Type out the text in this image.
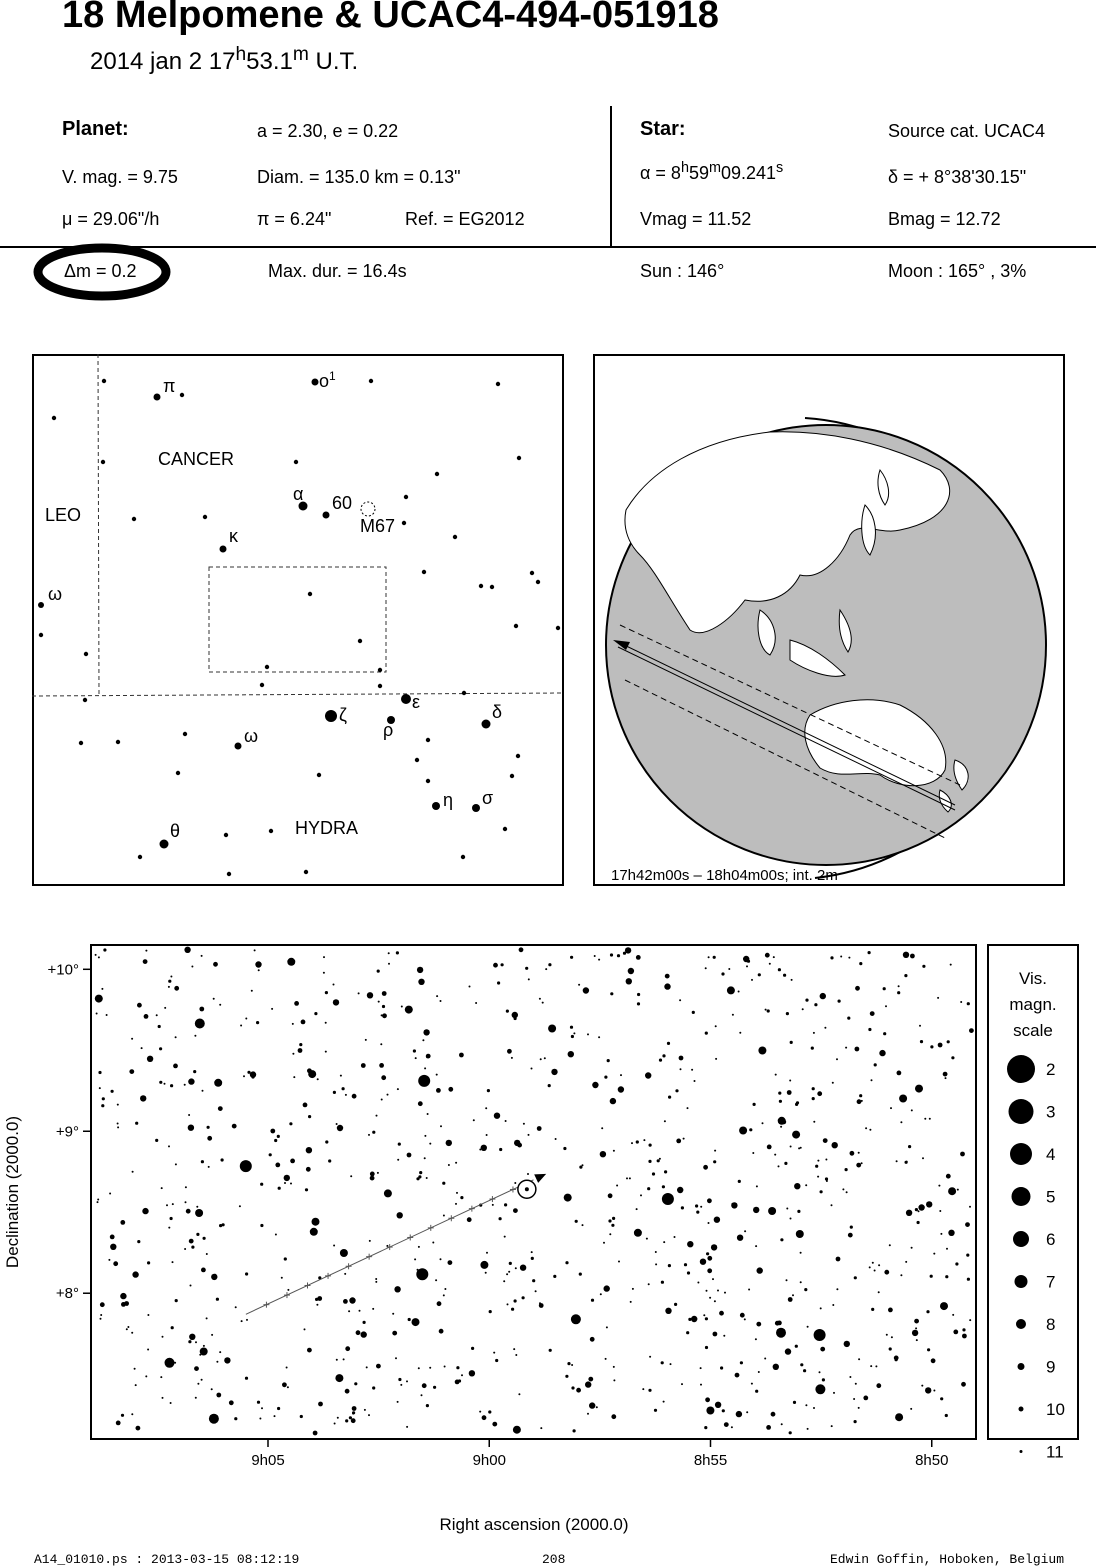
18 Melpomene & UCAC4-494-051918
2014 jan 2 17$^h$53.1$^m$ U.T.
Planet:	a = 2.30, e = 0.22
V. mag. = 9.75	Diam. = 135.0 km = 0.13"
μ = 29.06"/h	π = 6.24"	Ref. = EG2012
Star:	Source cat. UCAC4
$\alpha = 8^h59^m09.241^s$	δ = + 8°38'30.15"
Vmag = 11.52	Bmag = 12.72
Δm = 0.2	Max. dur. = 16.4s	Sun : 146°	Moon : 165° , 3%
CANCER
LEO
HYDRA
π	$o^1$
α 60
M67
κ
ω
ζ
ε	δ
ρ
ω
η σ
θ
17h42m00s – 18h04m00s; int. 2m
9h05	9h00	8h55	8h50
+10°
+9°
+8°
Vis.
magn.
scale
2
3
4
5
6
7
8
9
10
11
Right ascension (2000.0)
Declination (2000.0)
A14_01010.ps : 2013-03-15 08:12:19	208	Edwin Goffin, Hoboken, Belgium
